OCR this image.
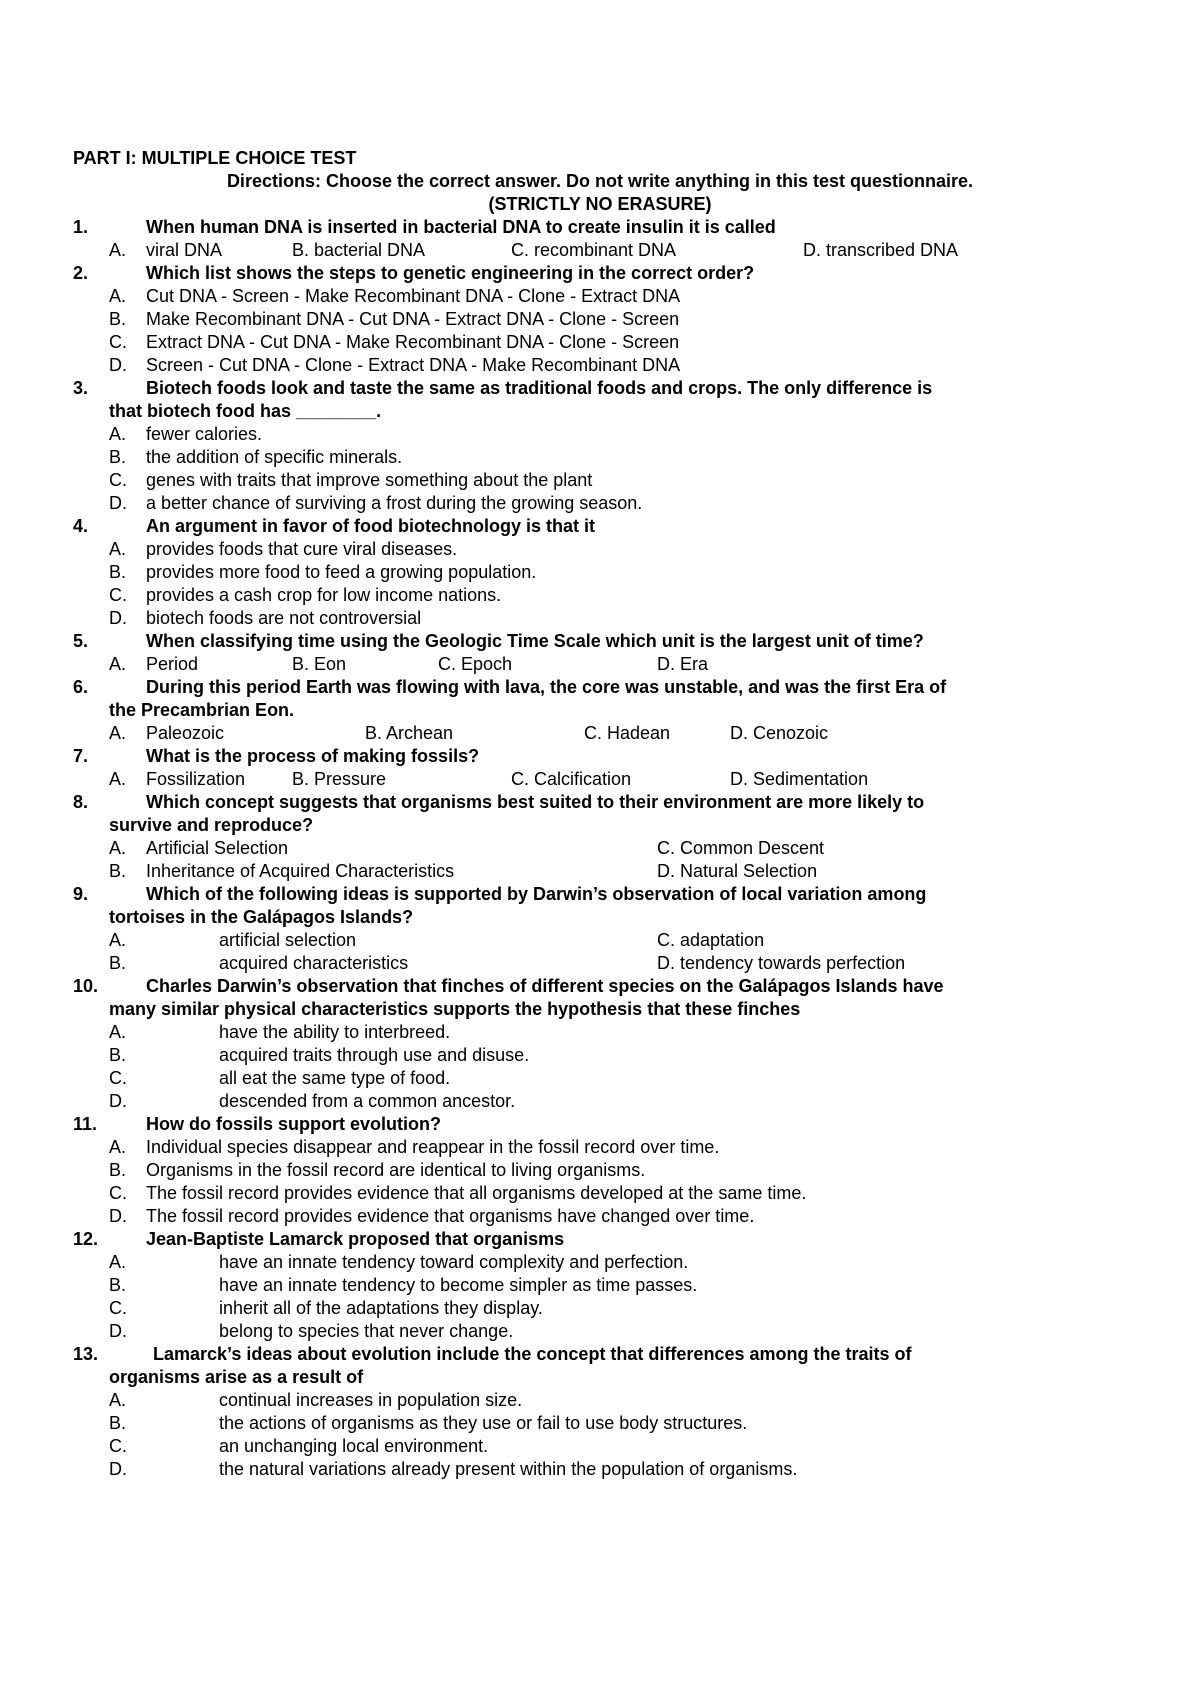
PART I: MULTIPLE CHOICE TEST
Directions: Choose the correct answer. Do not write anything in this test questionnaire.
(STRICTLY NO ERASURE)
1.	When human DNA is inserted in bacterial DNA to create insulin it is called
A. viral DNA	B. bacterial DNA	C. recombinant DNA	D. transcribed DNA
2.	Which list shows the steps to genetic engineering in the correct order?
A. Cut DNA - Screen - Make Recombinant DNA - Clone - Extract DNA
B. Make Recombinant DNA - Cut DNA - Extract DNA - Clone - Screen
C. Extract DNA - Cut DNA - Make Recombinant DNA - Clone - Screen
D. Screen - Cut DNA - Clone - Extract DNA - Make Recombinant DNA
3.	Biotech foods look and taste the same as traditional foods and crops. The only difference is
that biotech food has ________.
A. fewer calories.
B. the addition of specific minerals.
C. genes with traits that improve something about the plant
D. a better chance of surviving a frost during the growing season.
4.	An argument in favor of food biotechnology is that it
A. provides foods that cure viral diseases.
B. provides more food to feed a growing population.
C. provides a cash crop for low income nations.
D. biotech foods are not controversial
5.	When classifying time using the Geologic Time Scale which unit is the largest unit of time?
A. Period	B. Eon	C. Epoch	D. Era
6.	During this period Earth was flowing with lava, the core was unstable, and was the first Era of
the Precambrian Eon.
A. Paleozoic	B. Archean	C. Hadean	D. Cenozoic
7.	What is the process of making fossils?
A. Fossilization	B. Pressure	C. Calcification	D. Sedimentation
8.	Which concept suggests that organisms best suited to their environment are more likely to
survive and reproduce?
A. Artificial Selection	C. Common Descent
B. Inheritance of Acquired Characteristics	D. Natural Selection
9.	Which of the following ideas is supported by Darwin’s observation of local variation among
tortoises in the Galápagos Islands?
A.	artificial selection	C. adaptation
B.	acquired characteristics	D. tendency towards perfection
10.	Charles Darwin’s observation that finches of different species on the Galápagos Islands have
many similar physical characteristics supports the hypothesis that these finches
A.	have the ability to interbreed.
B.	acquired traits through use and disuse.
C.	all eat the same type of food.
D.	descended from a common ancestor.
11.	How do fossils support evolution?
A. Individual species disappear and reappear in the fossil record over time.
B. Organisms in the fossil record are identical to living organisms.
C. The fossil record provides evidence that all organisms developed at the same time.
D. The fossil record provides evidence that organisms have changed over time.
12.	Jean-Baptiste Lamarck proposed that organisms
A.	have an innate tendency toward complexity and perfection.
B.	have an innate tendency to become simpler as time passes.
C.	inherit all of the adaptations they display.
D.	belong to species that never change.
13.	Lamarck’s ideas about evolution include the concept that differences among the traits of
organisms arise as a result of
A.	continual increases in population size.
B.	the actions of organisms as they use or fail to use body structures.
C.	an unchanging local environment.
D.	the natural variations already present within the population of organisms.
